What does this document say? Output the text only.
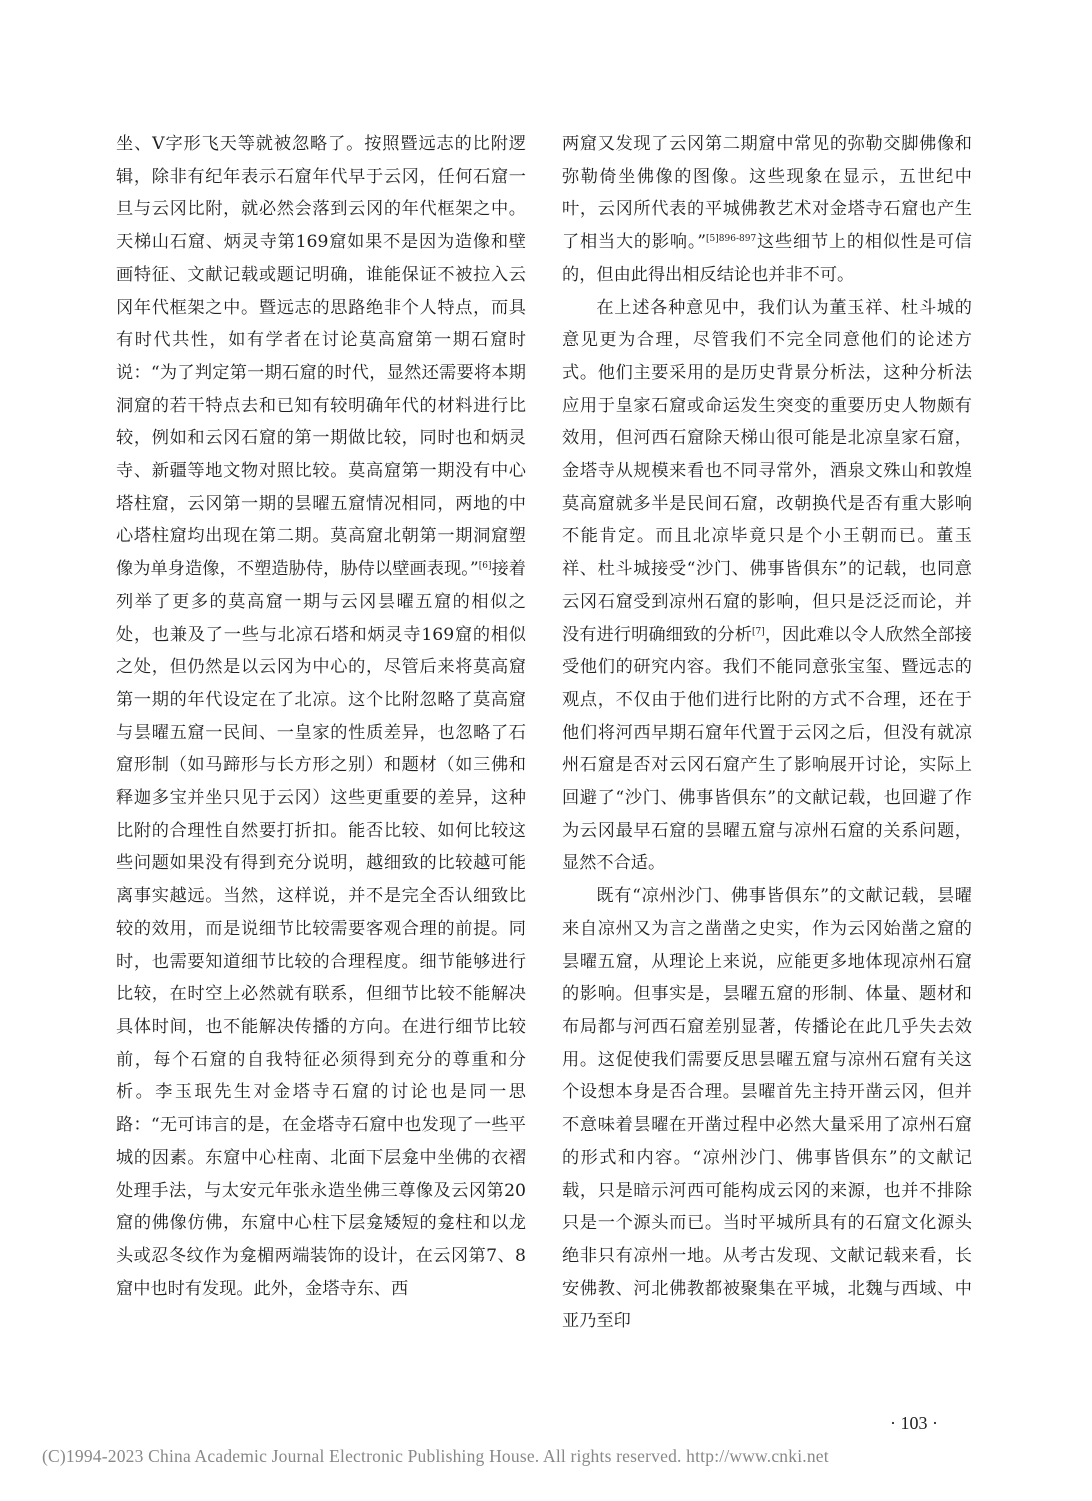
坐、V字形飞天等就被忽略了。按照暨远志的比附逻辑，除非有纪年表示石窟年代早于云冈，任何石窟一旦与云冈比附，就必然会落到云冈的年代框架之中。天梯山石窟、炳灵寺第169窟如果不是因为造像和壁画特征、文献记载或题记明确，谁能保证不被拉入云冈年代框架之中。暨远志的思路绝非个人特点，而具有时代共性，如有学者在讨论莫高窟第一期石窟时说：“为了判定第一期石窟的时代，显然还需要将本期洞窟的若干特点去和已知有较明确年代的材料进行比较，例如和云冈石窟的第一期做比较，同时也和炳灵寺、新疆等地文物对照比较。莫高窟第一期没有中心塔柱窟，云冈第一期的昙曜五窟情况相同，两地的中心塔柱窟均出现在第二期。莫高窟北朝第一期洞窟塑像为单身造像，不塑造胁侍，胁侍以壁画表现。”[6]接着列举了更多的莫高窟一期与云冈昙曜五窟的相似之处，也兼及了一些与北凉石塔和炳灵寺169窟的相似之处，但仍然是以云冈为中心的，尽管后来将莫高窟第一期的年代设定在了北凉。这个比附忽略了莫高窟与昙曜五窟一民间、一皇家的性质差异，也忽略了石窟形制（如马蹄形与长方形之别）和题材（如三佛和释迦多宝并坐只见于云冈）这些更重要的差异，这种比附的合理性自然要打折扣。能否比较、如何比较这些问题如果没有得到充分说明，越细致的比较越可能离事实越远。当然，这样说，并不是完全否认细致比较的效用，而是说细节比较需要客观合理的前提。同时，也需要知道细节比较的合理程度。细节能够进行比较，在时空上必然就有联系，但细节比较不能解决具体时间，也不能解决传播的方向。在进行细节比较前，每个石窟的自我特征必须得到充分的尊重和分析。李玉珉先生对金塔寺石窟的讨论也是同一思路：“无可讳言的是，在金塔寺石窟中也发现了一些平城的因素。东窟中心柱南、北面下层龛中坐佛的衣褶处理手法，与太安元年张永造坐佛三尊像及云冈第20窟的佛像仿佛，东窟中心柱下层龛矮短的龛柱和以龙头或忍冬纹作为龛楣两端装饰的设计，在云冈第7、8窟中也时有发现。此外，金塔寺东、西

两窟又发现了云冈第二期窟中常见的弥勒交脚佛像和弥勒倚坐佛像的图像。这些现象在显示，五世纪中叶，云冈所代表的平城佛教艺术对金塔寺石窟也产生了相当大的影响。”$^{[5]896-897}$这些细节上的相似性是可信的，但由此得出相反结论也并非不可。

在上述各种意见中，我们认为董玉祥、杜斗城的意见更为合理，尽管我们不完全同意他们的论述方式。他们主要采用的是历史背景分析法，这种分析法应用于皇家石窟或命运发生突变的重要历史人物颇有效用，但河西石窟除天梯山很可能是北凉皇家石窟，金塔寺从规模来看也不同寻常外，酒泉文殊山和敦煌莫高窟就多半是民间石窟，改朝换代是否有重大影响不能肯定。而且北凉毕竟只是个小王朝而已。董玉祥、杜斗城接受“沙门、佛事皆俱东”的记载，也同意云冈石窟受到凉州石窟的影响，但只是泛泛而论，并没有进行明确细致的分析[7]，因此难以令人欣然全部接受他们的研究内容。我们不能同意张宝玺、暨远志的观点，不仅由于他们进行比附的方式不合理，还在于他们将河西早期石窟年代置于云冈之后，但没有就凉州石窟是否对云冈石窟产生了影响展开讨论，实际上回避了“沙门、佛事皆俱东”的文献记载，也回避了作为云冈最早石窟的昙曜五窟与凉州石窟的关系问题，显然不合适。

既有“凉州沙门、佛事皆俱东”的文献记载，昙曜来自凉州又为言之凿凿之史实，作为云冈始凿之窟的昙曜五窟，从理论上来说，应能更多地体现凉州石窟的影响。但事实是，昙曜五窟的形制、体量、题材和布局都与河西石窟差别显著，传播论在此几乎失去效用。这促使我们需要反思昙曜五窟与凉州石窟有关这个设想本身是否合理。昙曜首先主持开凿云冈，但并不意味着昙曜在开凿过程中必然大量采用了凉州石窟的形式和内容。“凉州沙门、佛事皆俱东”的文献记载，只是暗示河西可能构成云冈的来源，也并不排除只是一个源头而已。当时平城所具有的石窟文化源头绝非只有凉州一地。从考古发现、文献记载来看，长安佛教、河北佛教都被聚集在平城，北魏与西域、中亚乃至印

· 103 ·
(C)1994-2023 China Academic Journal Electronic Publishing House. All rights reserved. http://www.cnki.net
